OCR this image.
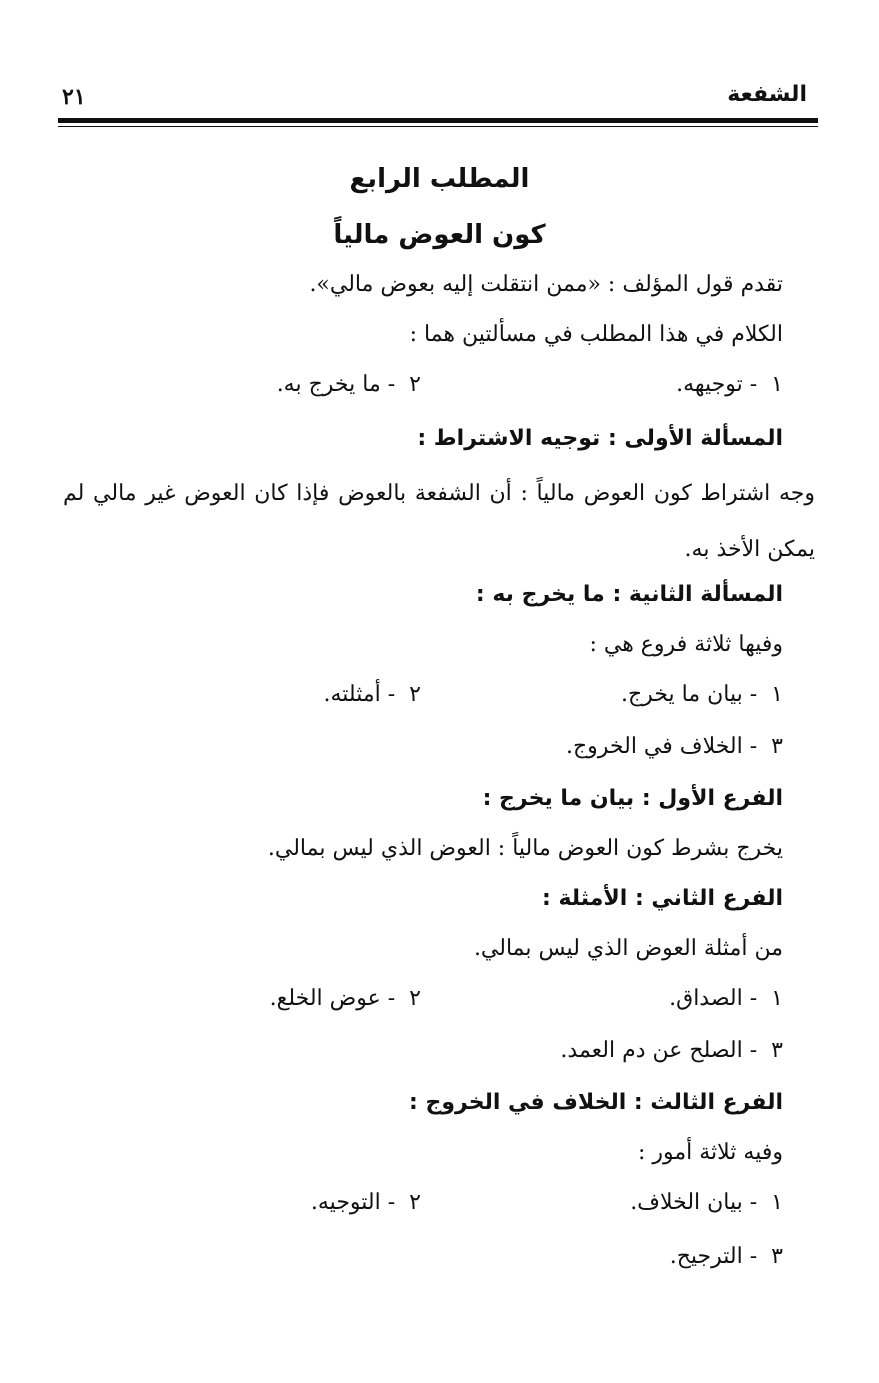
الشفعة
٢١
المطلب الرابع
كون العوض مالياً
تقدم قول المؤلف : «ممن انتقلت إليه بعوض مالي».
الكلام في هذا المطلب في مسألتين هما :
١- توجيهه.
٢- ما يخرج به.
المسألة الأولى : توجيه الاشتراط :
وجه اشتراط كون العوض مالياً : أن الشفعة بالعوض فإذا كان العوض غير مالي لم يمكن الأخذ به.
المسألة الثانية : ما يخرج به :
وفيها ثلاثة فروع هي :
١- بيان ما يخرج.
٢- أمثلته.
٣- الخلاف في الخروج.
الفرع الأول : بيان ما يخرج :
يخرج بشرط كون العوض مالياً : العوض الذي ليس بمالي.
الفرع الثاني : الأمثلة :
من أمثلة العوض الذي ليس بمالي.
١- الصداق.
٢- عوض الخلع.
٣- الصلح عن دم العمد.
الفرع الثالث : الخلاف في الخروج :
وفيه ثلاثة أمور :
١- بيان الخلاف.
٢- التوجيه.
٣- الترجيح.
